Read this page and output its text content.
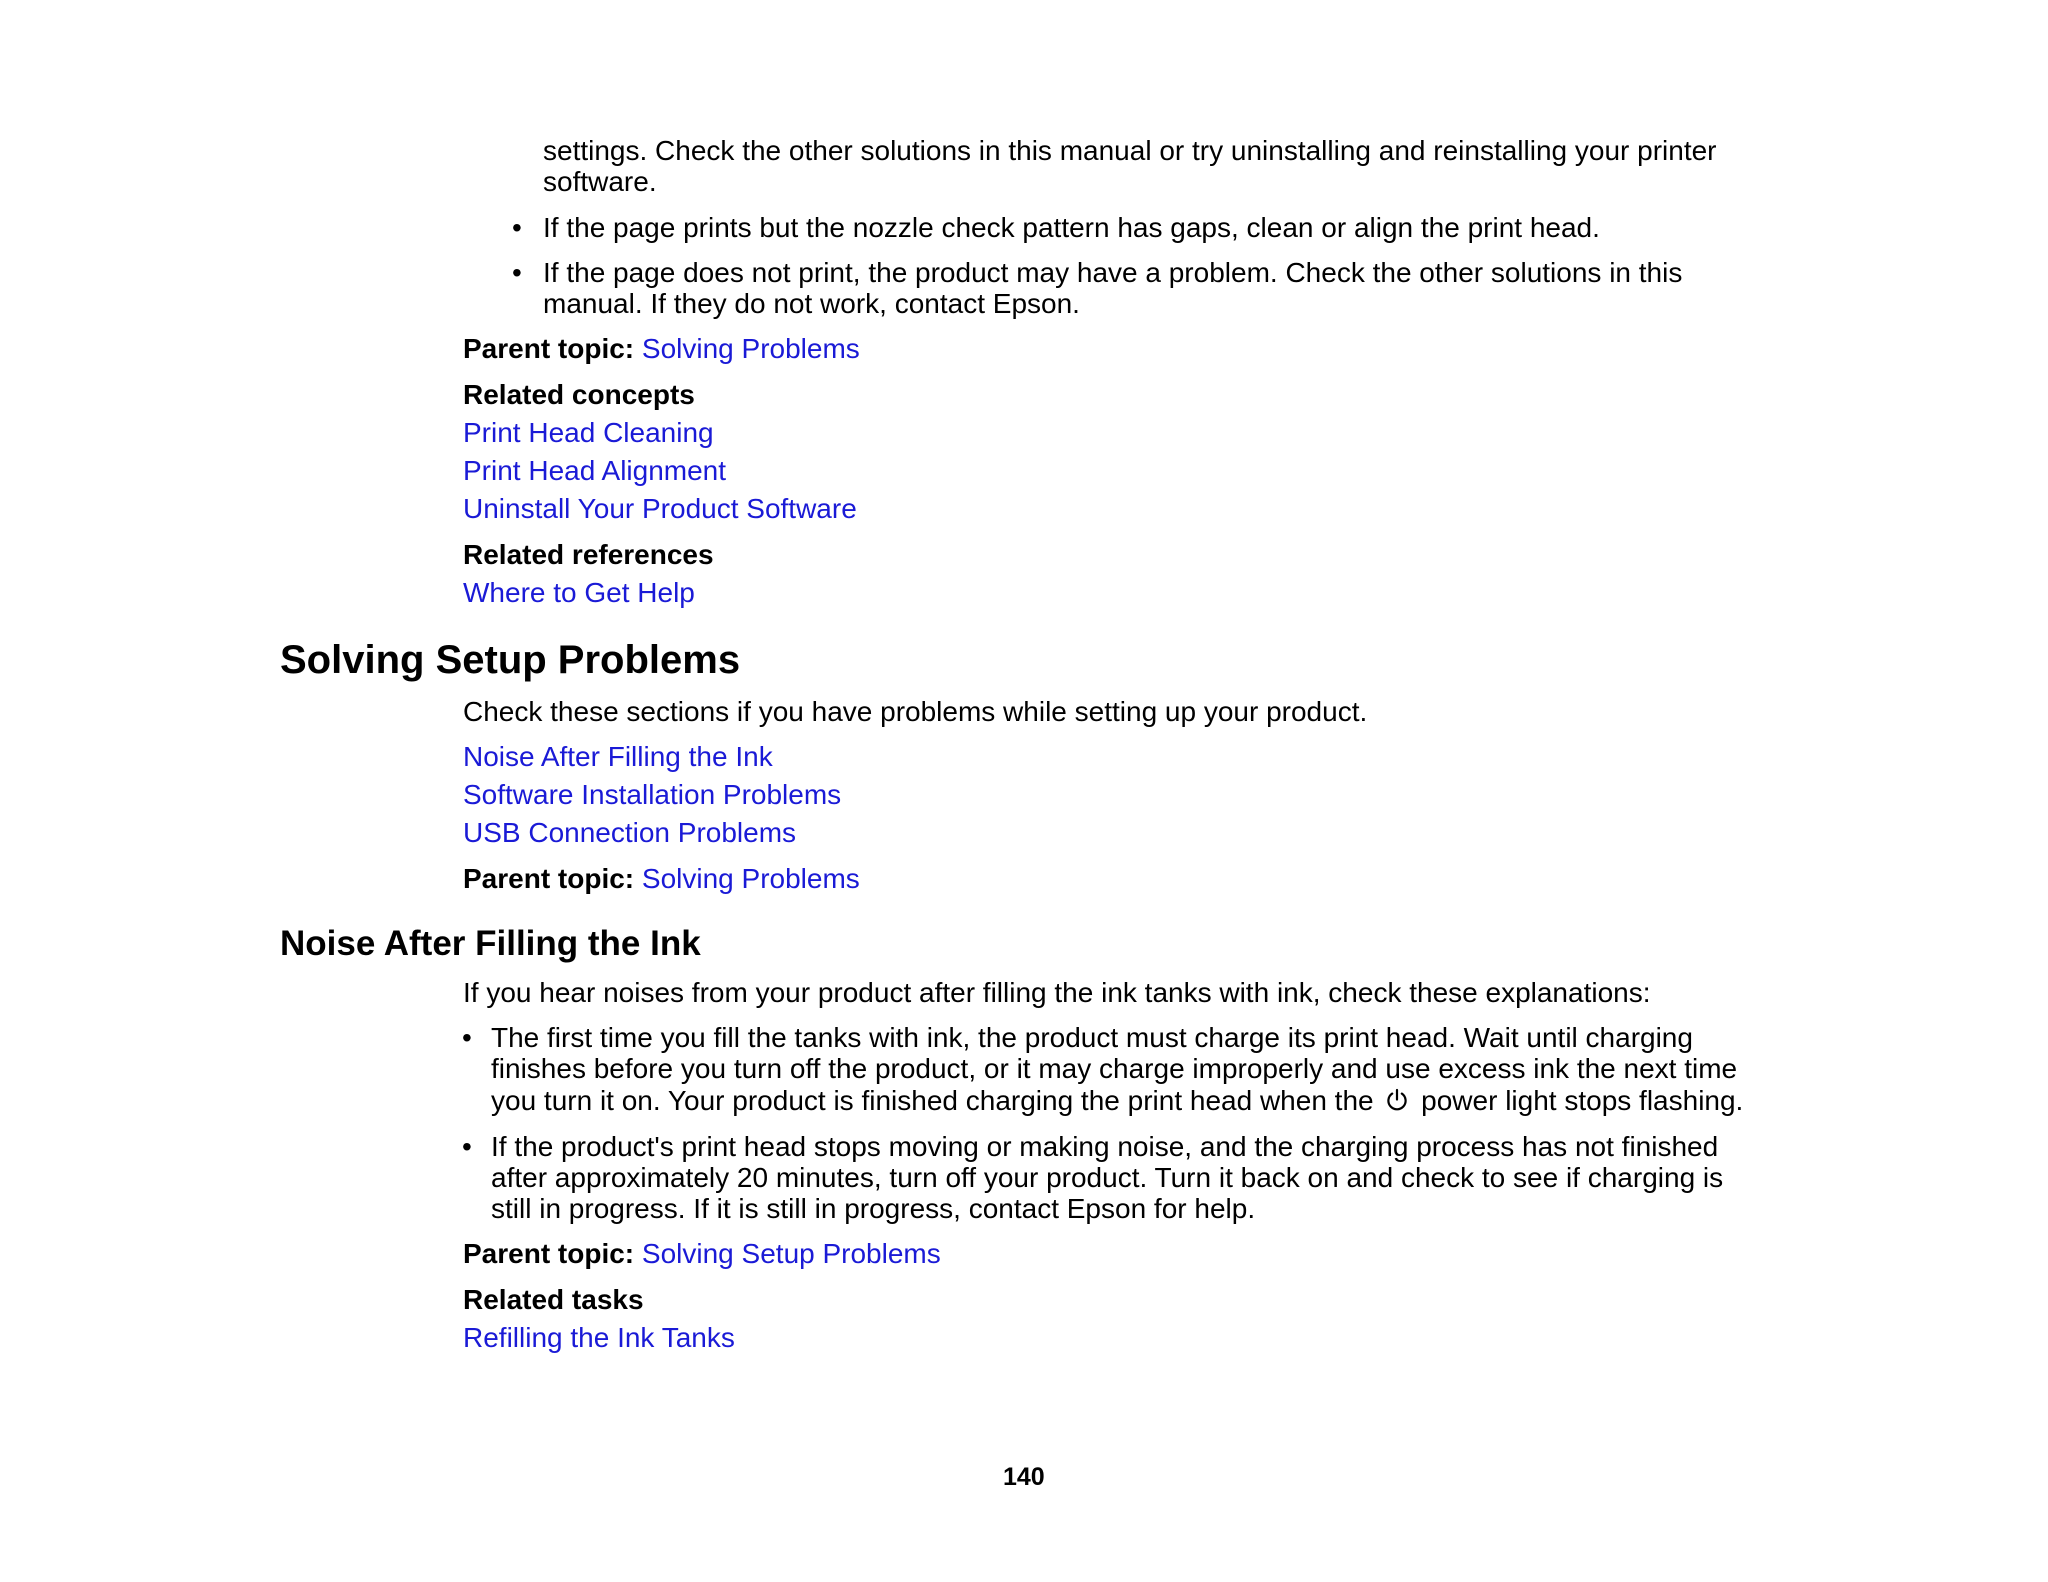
settings. Check the other solutions in this manual or try uninstalling and reinstalling your printer
software.
• If the page prints but the nozzle check pattern has gaps, clean or align the print head.
• If the page does not print, the product may have a problem. Check the other solutions in this
manual. If they do not work, contact Epson.
Parent topic: Solving Problems
Related concepts
Print Head Cleaning
Print Head Alignment
Uninstall Your Product Software
Related references
Where to Get Help
Solving Setup Problems
Check these sections if you have problems while setting up your product.
Noise After Filling the Ink
Software Installation Problems
USB Connection Problems
Parent topic: Solving Problems
Noise After Filling the Ink
If you hear noises from your product after filling the ink tanks with ink, check these explanations:
• The first time you fill the tanks with ink, the product must charge its print head. Wait until charging
finishes before you turn off the product, or it may charge improperly and use excess ink the next time
you turn it on. Your product is finished charging the print head when the power light stops flashing.
• If the product's print head stops moving or making noise, and the charging process has not finished
after approximately 20 minutes, turn off your product. Turn it back on and check to see if charging is
still in progress. If it is still in progress, contact Epson for help.
Parent topic: Solving Setup Problems
Related tasks
Refilling the Ink Tanks
140
